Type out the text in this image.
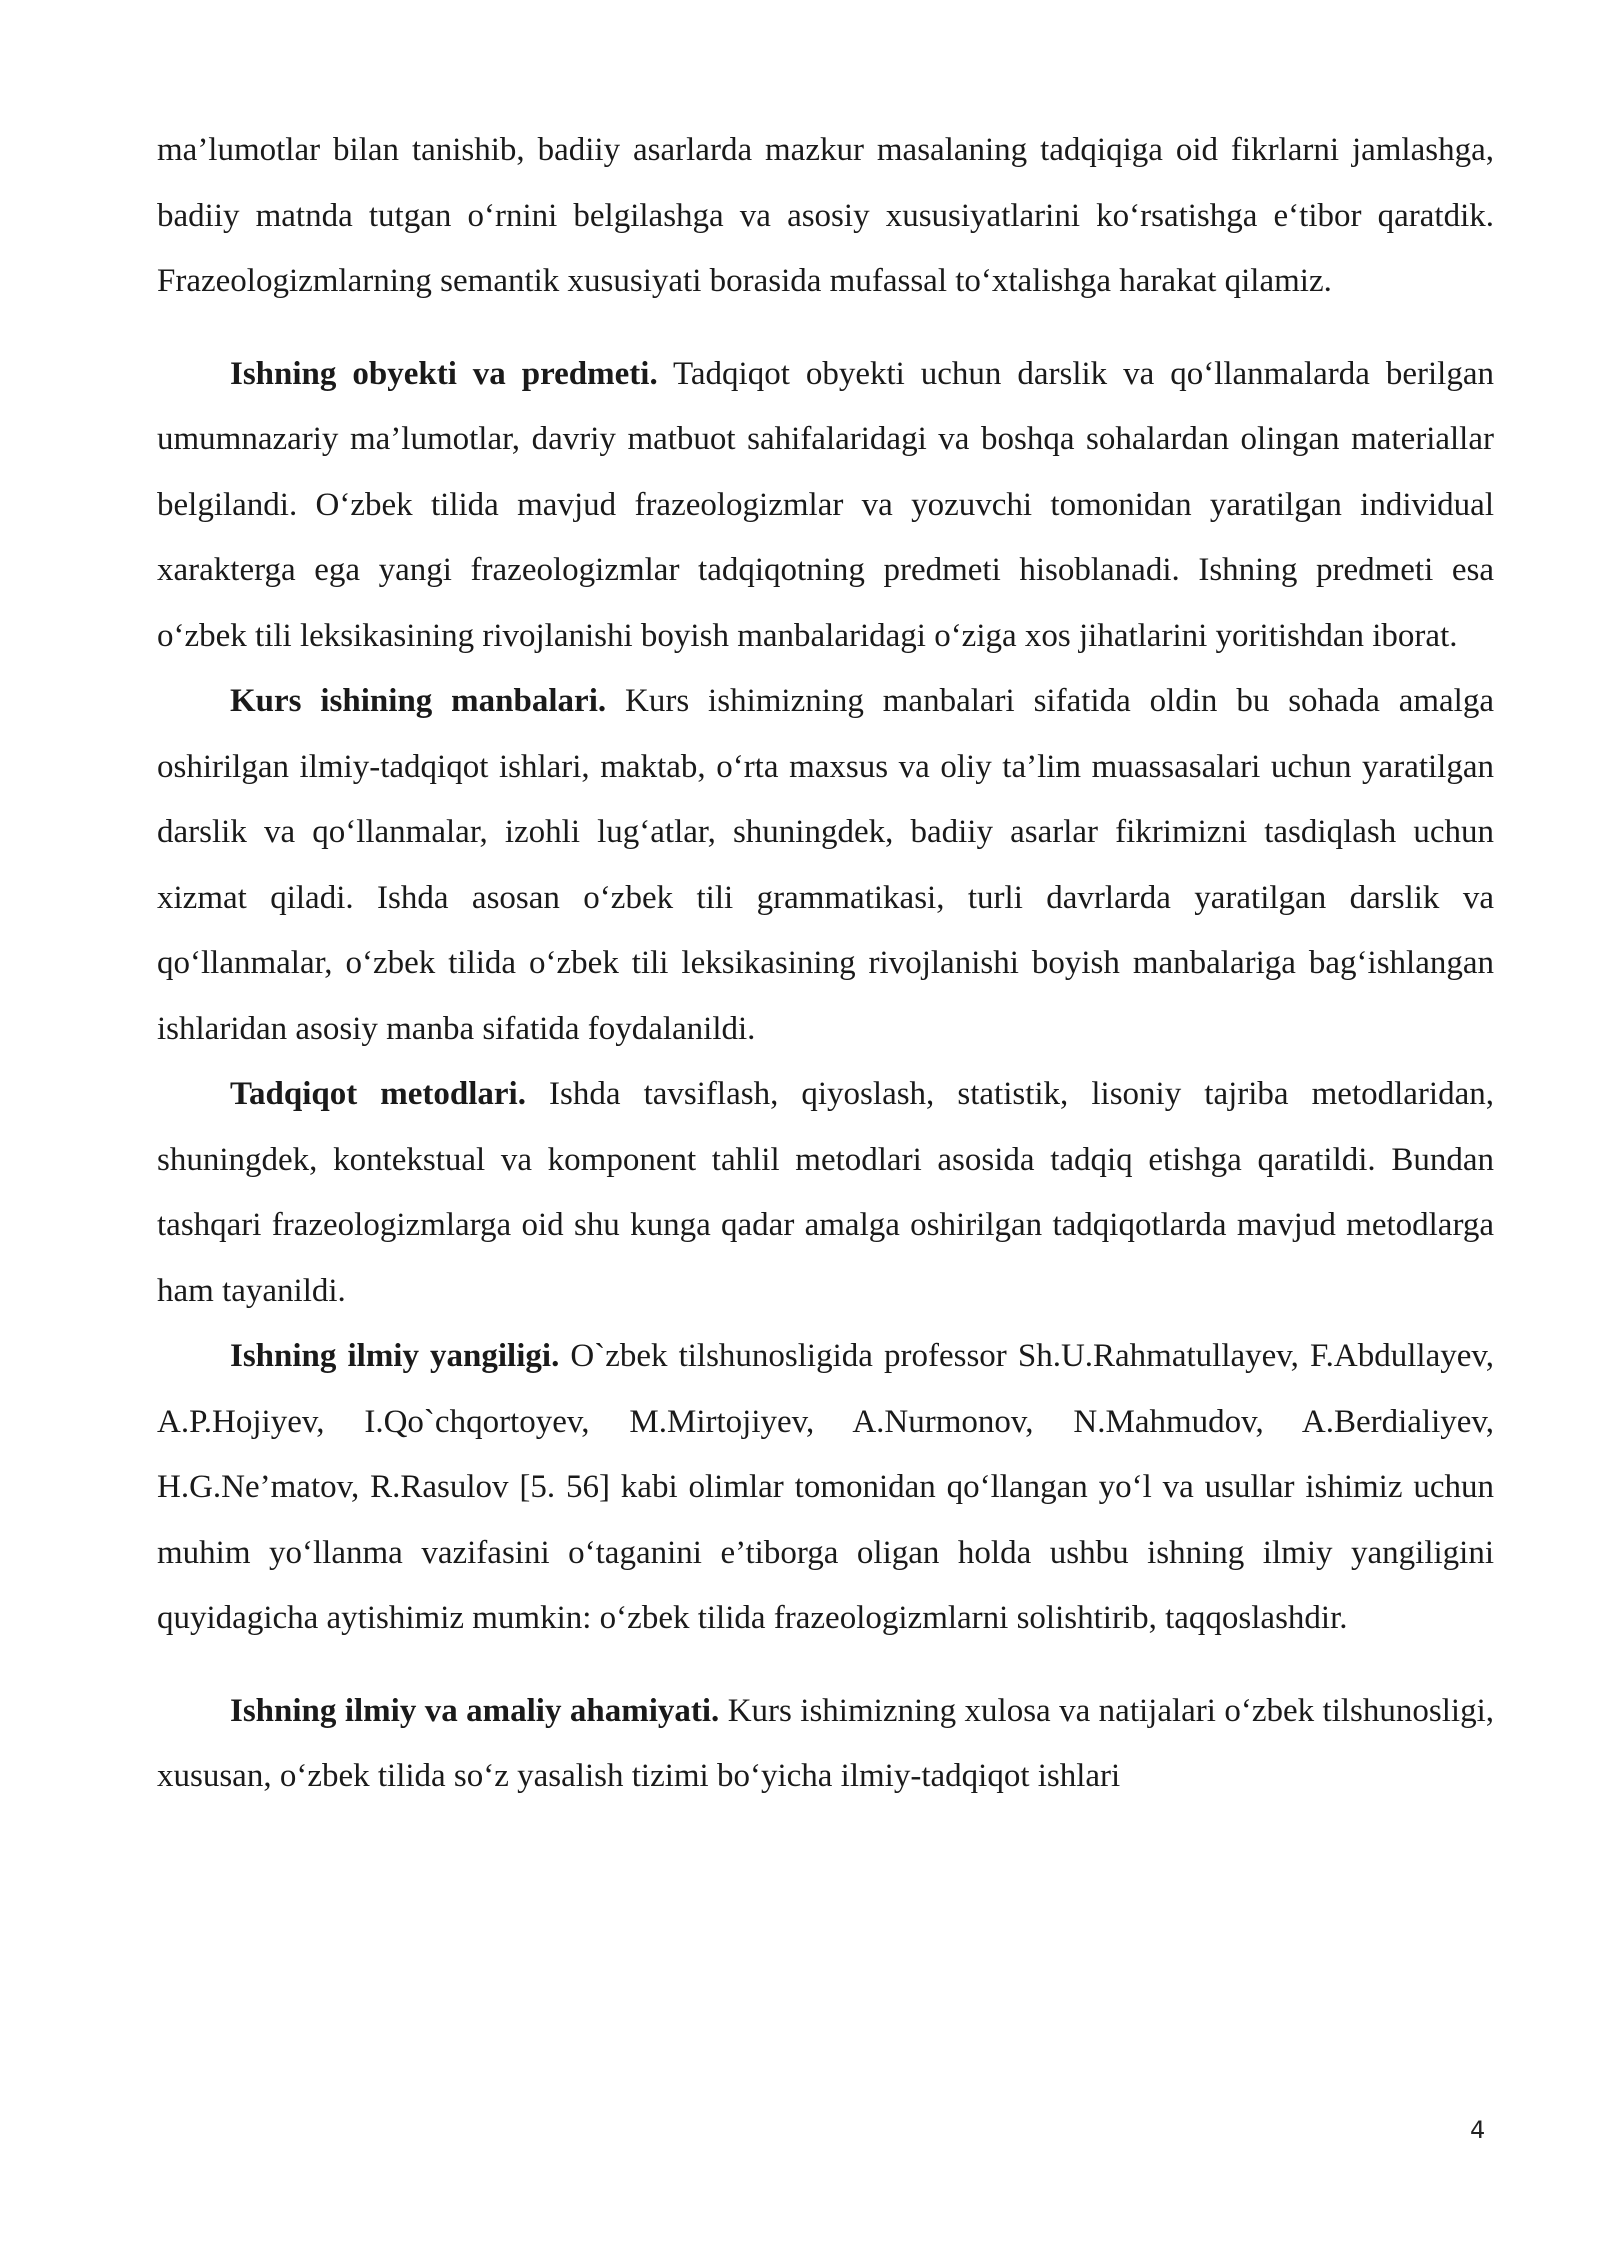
ma’lumotlar bilan tanishib, badiiy asarlarda mazkur masalaning tadqiqiga oid fikrlarni jamlashga, badiiy matnda tutgan o‘rnini belgilashga va asosiy xususiyatlarini ko‘rsatishga e‘tibor qaratdik. Frazeologizmlarning semantik xususiyati borasida mufassal to‘xtalishga harakat qilamiz.

Ishning obyekti va predmeti. Tadqiqot obyekti uchun darslik va qo‘llanmalarda berilgan umumnazariy ma’lumotlar, davriy matbuot sahifalaridagi va boshqa sohalardan olingan materiallar belgilandi. O‘zbek tilida mavjud frazeologizmlar va yozuvchi tomonidan yaratilgan individual xarakterga ega yangi frazeologizmlar tadqiqotning predmeti hisoblanadi. Ishning predmeti esa o‘zbek tili leksikasining rivojlanishi boyish manbalaridagi o‘ziga xos jihatlarini yoritishdan iborat.

Kurs ishining manbalari. Kurs ishimizning manbalari sifatida oldin bu sohada amalga oshirilgan ilmiy-tadqiqot ishlari, maktab, o‘rta maxsus va oliy ta’lim muassasalari uchun yaratilgan darslik va qo‘llanmalar, izohli lug‘atlar, shuningdek, badiiy asarlar fikrimizni tasdiqlash uchun xizmat qiladi. Ishda asosan o‘zbek tili grammatikasi, turli davrlarda yaratilgan darslik va qo‘llanmalar, o‘zbek tilida o‘zbek tili leksikasining rivojlanishi boyish manbalariga bag‘ishlangan ishlaridan asosiy manba sifatida foydalanildi.

Tadqiqot metodlari. Ishda tavsiflash, qiyoslash, statistik, lisoniy tajriba metodlaridan, shuningdek, kontekstual va komponent tahlil metodlari asosida tadqiq etishga qaratildi. Bundan tashqari frazeologizmlarga oid shu kunga qadar amalga oshirilgan tadqiqotlarda mavjud metodlarga ham tayanildi.

Ishning ilmiy yangiligi. O`zbek tilshunosligida professor Sh.U.Rahmatullayev, F.Abdullayev, A.P.Hojiyev, I.Qo`chqortoyev, M.Mirtojiyev, A.Nurmonov, N.Mahmudov, A.Berdialiyev, H.G.Ne’matov, R.Rasulov [5. 56] kabi olimlar tomonidan qo‘llangan yo‘l va usullar ishimiz uchun muhim yo‘llanma vazifasini o‘taganini e’tiborga oligan holda ushbu ishning ilmiy yangiligini quyidagicha aytishimiz mumkin: o‘zbek tilida frazeologizmlarni solishtirib, taqqoslashdir.

Ishning ilmiy va amaliy ahamiyati. Kurs ishimizning xulosa va natijalari o‘zbek tilshunosligi, xususan, o‘zbek tilida so‘z yasalish tizimi bo‘yicha ilmiy-tadqiqot ishlari

4
